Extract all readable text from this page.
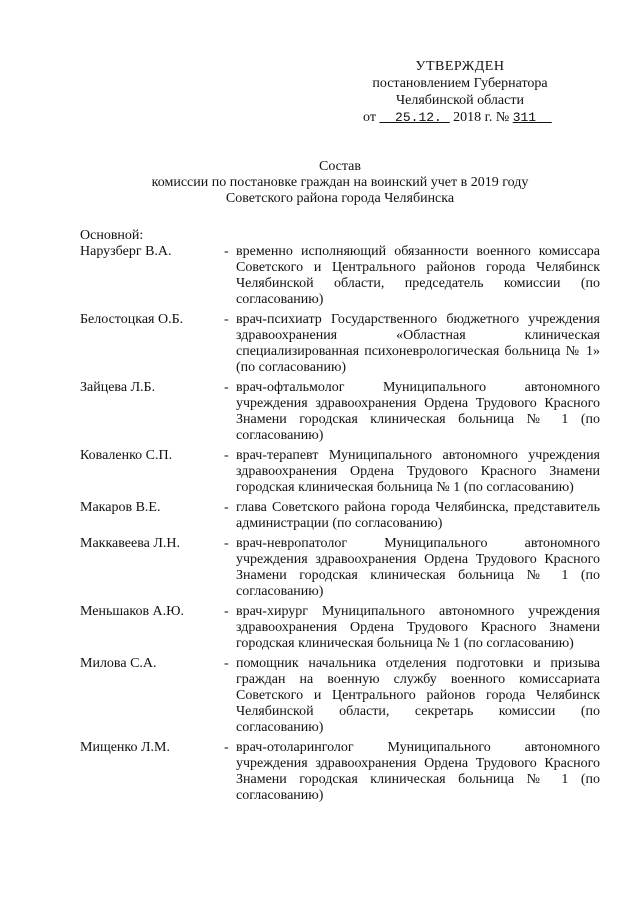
УТВЕРЖДЕН
постановлением Губернатора
Челябинской области
от 25.12. 2018 г. № 311
Состав
комиссии по постановке граждан на воинский учет в 2019 году
Советского района города Челябинска
Основной:
Нарузберг В.А.	- временно исполняющий обязанности военного комиссара Советского и Центрального районов города Челябинск Челябинской области, председатель комиссии (по согласованию)
Белостоцкая О.Б.	- врач-психиатр Государственного бюджетного учреждения здравоохранения «Областная клиническая специализированная психоневрологическая больница № 1» (по согласованию)
Зайцева Л.Б.	- врач-офтальмолог Муниципального автономного учреждения здравоохранения Ордена Трудового Красного Знамени городская клиническая больница № 1 (по согласованию)
Коваленко С.П.	- врач-терапевт Муниципального автономного учреждения здравоохранения Ордена Трудового Красного Знамени городская клиническая больница № 1 (по согласованию)
Макаров В.Е.	- глава Советского района города Челябинска, представитель администрации (по согласованию)
Маккавеева Л.Н.	- врач-невропатолог Муниципального автономного учреждения здравоохранения Ордена Трудового Красного Знамени городская клиническая больница № 1 (по согласованию)
Меньшаков А.Ю.	- врач-хирург Муниципального автономного учреждения здравоохранения Ордена Трудового Красного Знамени городская клиническая больница № 1 (по согласованию)
Милова С.А.	- помощник начальника отделения подготовки и призыва граждан на военную службу военного комиссариата Советского и Центрального районов города Челябинск Челябинской области, секретарь комиссии (по согласованию)
Мищенко Л.М.	- врач-отоларинголог Муниципального автономного учреждения здравоохранения Ордена Трудового Красного Знамени городская клиническая больница № 1 (по согласованию)
